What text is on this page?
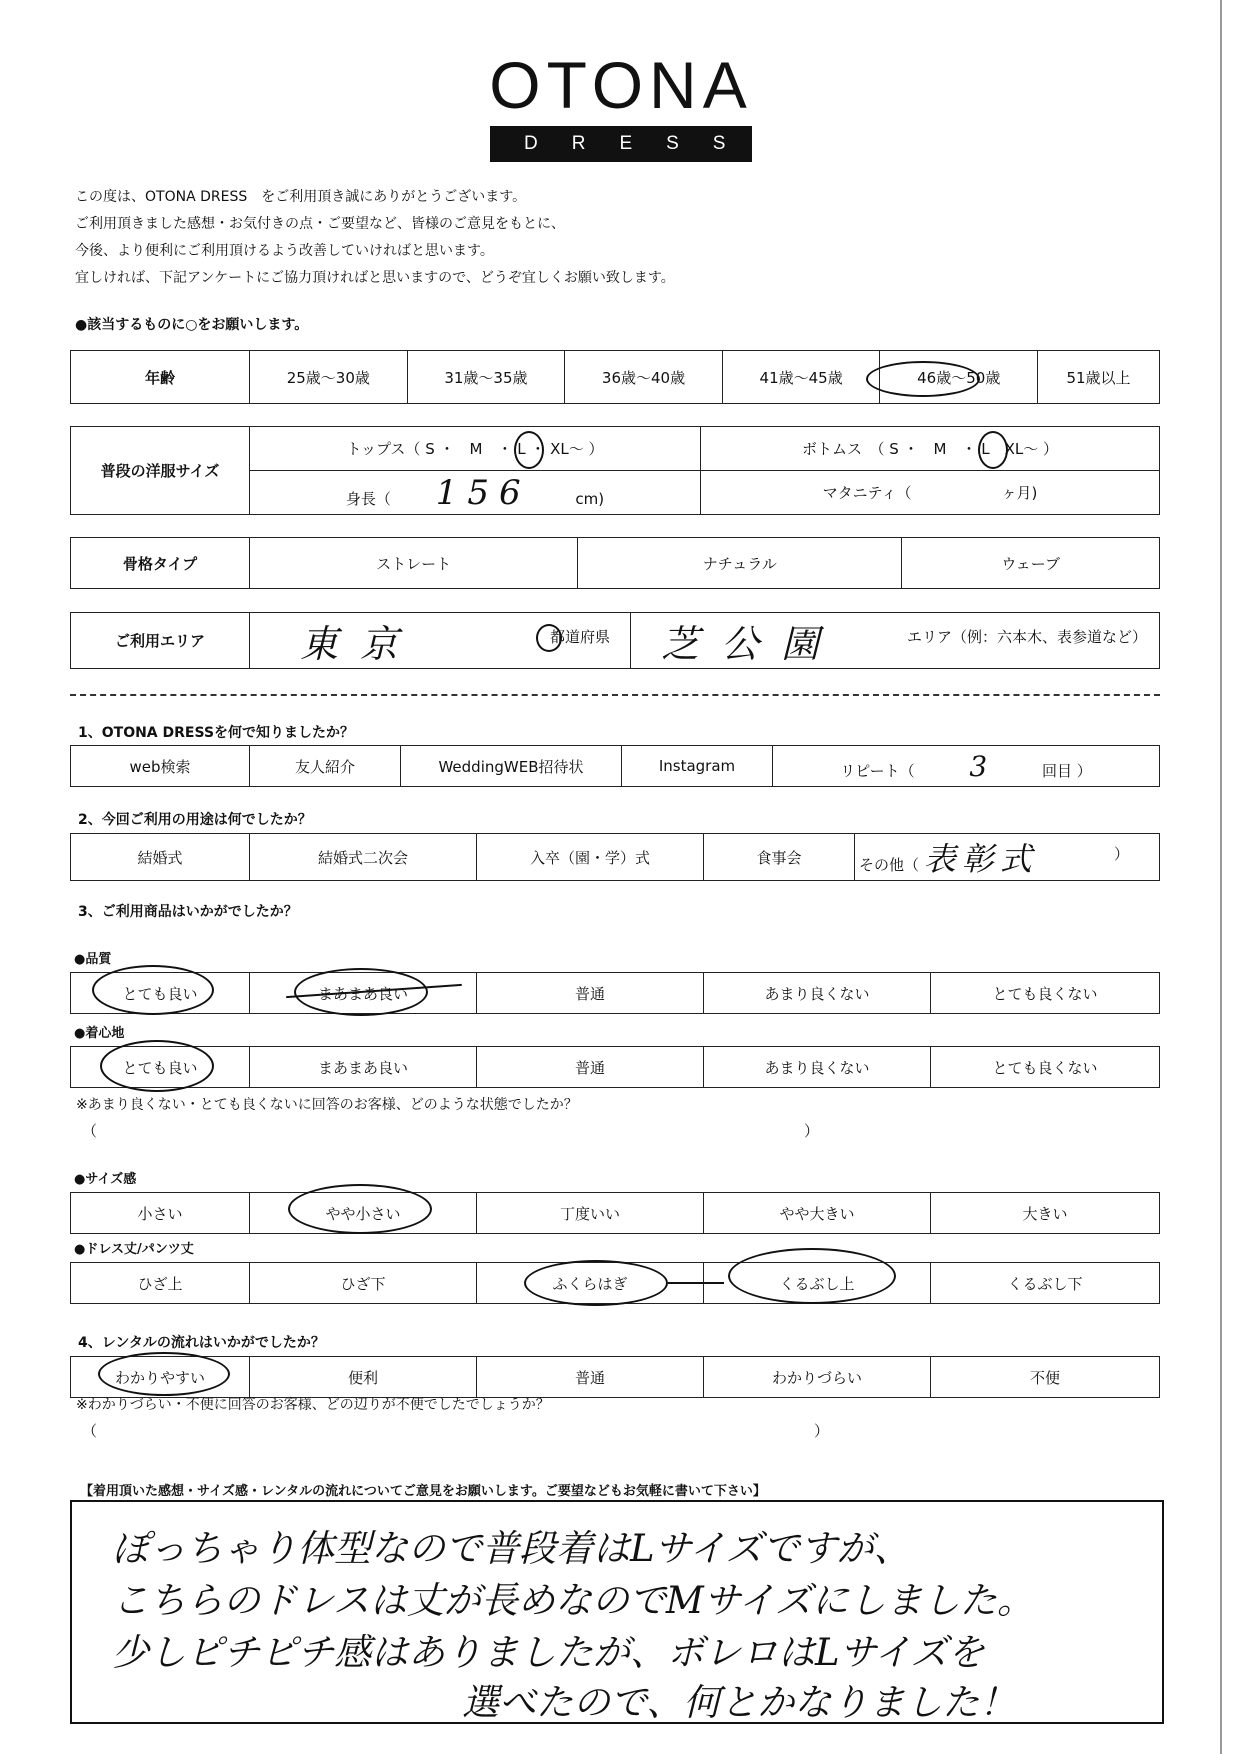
OTONA
DRESS
この度は、OTONA DRESS　をご利用頂き誠にありがとうございます。
ご利用頂きました感想・お気付きの点・ご要望など、皆様のご意見をもとに、
今後、より便利にご利用頂けるよう改善していければと思います。
宜しければ、下記アンケートにご協力頂ければと思いますので、どうぞ宜しくお願い致します。
●該当するものに○をお願いします。
年齢	25歳～30歳	31歳～35歳	36歳～40歳	41歳～45歳	46歳～50歳	51歳以上
普段の洋服サイズ	トップス（ S ・　M　・ L ・ XL～ ）	ボトムス　（ S ・　M　・ L　XL～ ）
	身長（ 156 cm)	マタニティ（　　　　　　ヶ月)
骨格タイプ	ストレート	ナチュラル	ウェーブ
ご利用エリア	東京	都道府県	芝公園	エリア（例：六本木、表参道など）
1、OTONA DRESSを何で知りましたか？
web検索	友人紹介	WeddingWEB招待状	Instagram	リピート（ 3	回目 ）
2、今回ご利用の用途は何でしたか？
結婚式	結婚式二次会	入卒（園・学）式	食事会	その他（ 表彰式	）
3、ご利用商品はいかがでしたか？
●品質
とても良い	まあまあ良い	普通	あまり良くない	とても良くない
●着心地
とても良い	まあまあ良い	普通	あまり良くない	とても良くない
※あまり良くない・とても良くないに回答のお客様、どのような状態でしたか？
（	）
●サイズ感
小さい	やや小さい	丁度いい	やや大きい	大きい
●ドレス丈/パンツ丈
ひざ上	ひざ下	ふくらはぎ	くるぶし上	くるぶし下
4、レンタルの流れはいかがでしたか？
わかりやすい	便利	普通	わかりづらい	不便
※わかりづらい・不便に回答のお客様、どの辺りが不便でしたでしょうか？
（	）
【着用頂いた感想・サイズ感・レンタルの流れについてご意見をお願いします。ご要望などもお気軽に書いて下さい】
ぽっちゃり体型なので普段着はLサイズですが、
こちらのドレスは丈が長めなのでMサイズにしました。
少しピチピチ感はありましたが、ボレロはLサイズを
選べたので、何とかなりました！
